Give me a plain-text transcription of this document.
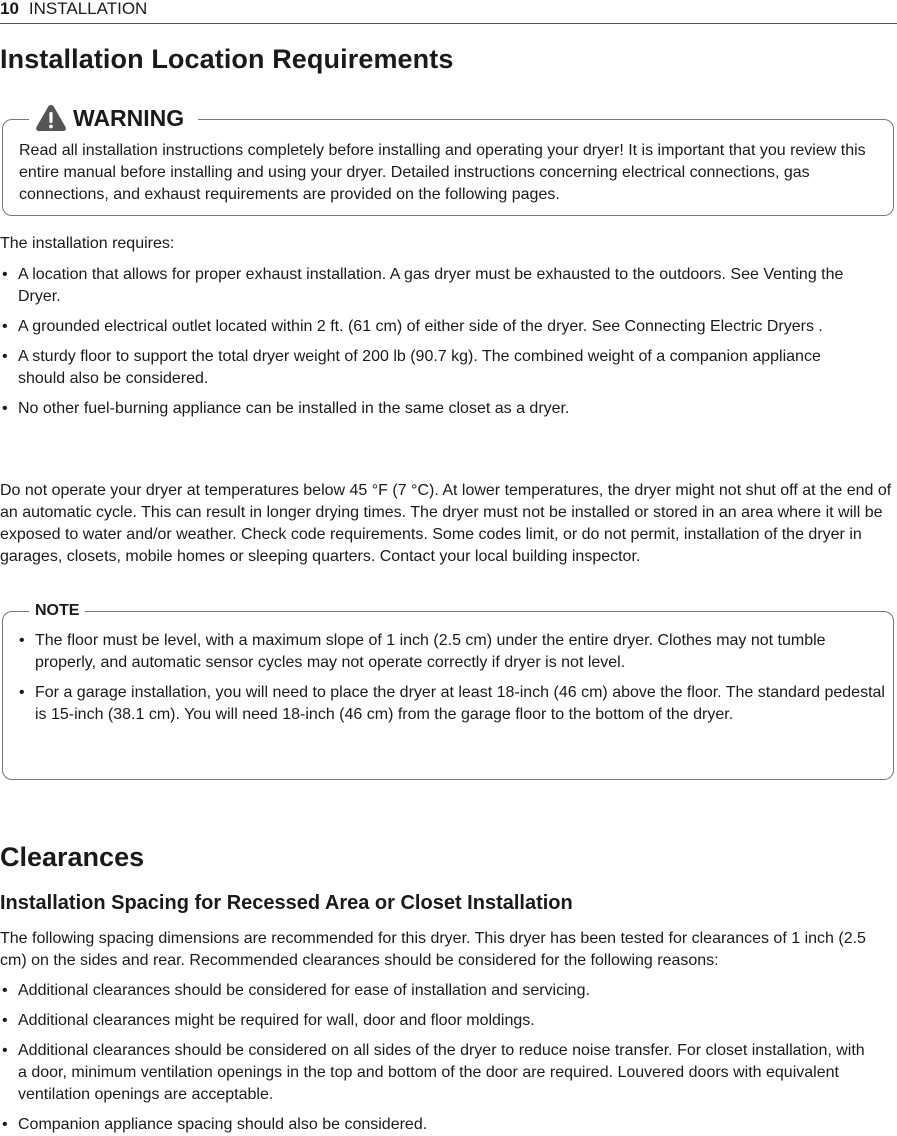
10 INSTALLATION
Installation Location Requirements
WARNING

Read all installation instructions completely before installing and operating your dryer! It is important that you review this entire manual before installing and using your dryer. Detailed instructions concerning electrical connections, gas connections, and exhaust requirements are provided on the following pages.

The installation requires:

• A location that allows for proper exhaust installation. A gas dryer must be exhausted to the outdoors. See Venting the Dryer.
• A grounded electrical outlet located within 2 ft. (61 cm) of either side of the dryer. See Connecting Electric Dryers .
• A sturdy floor to support the total dryer weight of 200 lb (90.7 kg). The combined weight of a companion appliance should also be considered.
• No other fuel-burning appliance can be installed in the same closet as a dryer.

Do not operate your dryer at temperatures below 45 °F (7 °C). At lower temperatures, the dryer might not shut off at the end of an automatic cycle. This can result in longer drying times. The dryer must not be installed or stored in an area where it will be exposed to water and/or weather. Check code requirements. Some codes limit, or do not permit, installation of the dryer in garages, closets, mobile homes or sleeping quarters. Contact your local building inspector.

NOTE
• The floor must be level, with a maximum slope of 1 inch (2.5 cm) under the entire dryer. Clothes may not tumble properly, and automatic sensor cycles may not operate correctly if dryer is not level.
• For a garage installation, you will need to place the dryer at least 18-inch (46 cm) above the floor. The standard pedestal is 15-inch (38.1 cm). You will need 18-inch (46 cm) from the garage floor to the bottom of the dryer.
Clearances
Installation Spacing for Recessed Area or Closet Installation

The following spacing dimensions are recommended for this dryer. This dryer has been tested for clearances of 1 inch (2.5 cm) on the sides and rear. Recommended clearances should be considered for the following reasons:

• Additional clearances should be considered for ease of installation and servicing.
• Additional clearances might be required for wall, door and floor moldings.
• Additional clearances should be considered on all sides of the dryer to reduce noise transfer. For closet installation, with a door, minimum ventilation openings in the top and bottom of the door are required. Louvered doors with equivalent ventilation openings are acceptable.
• Companion appliance spacing should also be considered.
